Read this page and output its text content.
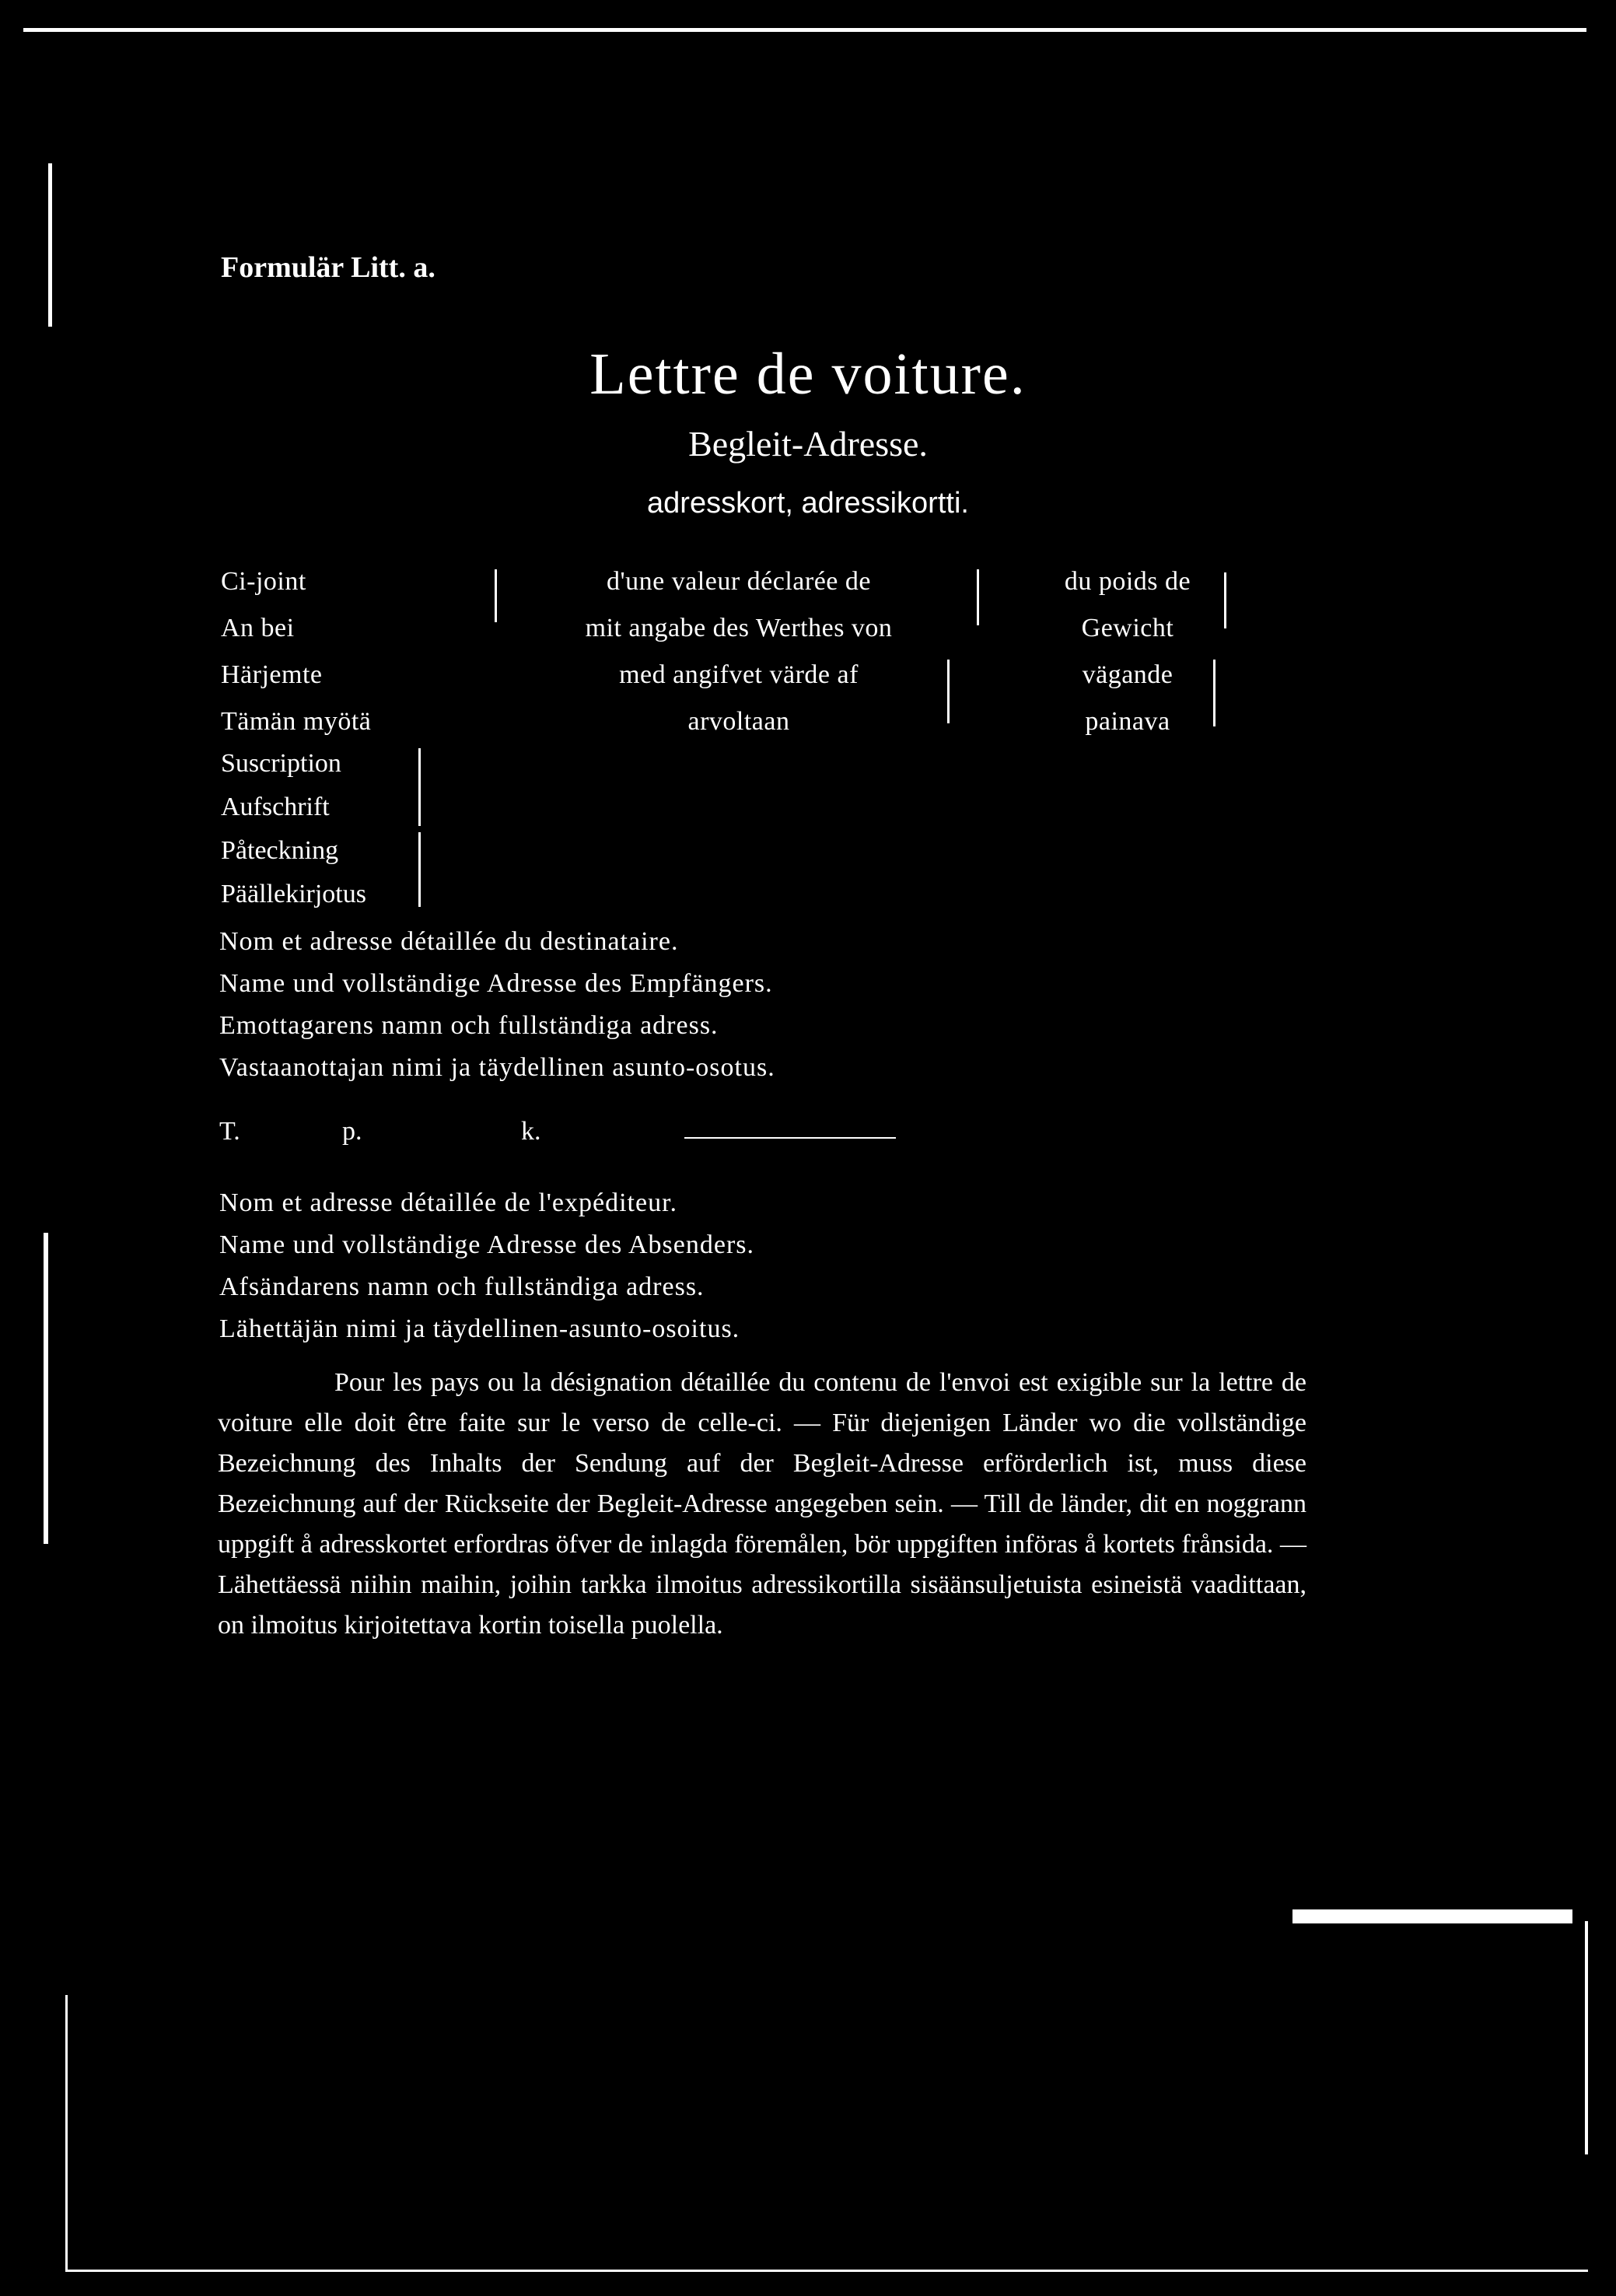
Formulär Litt. a.
Lettre de voiture.
Begleit-Adresse.
adresskort, adressikortti.
Ci-joint
An bei
Härjemte
Tämän myötä
d'une valeur déclarée de
mit angabe des Werthes von
med angifvet värde af
arvoltaan
du poids de
Gewicht
vägande
painava
Suscription
Aufschrift
Påteckning
Päällekirjotus
Nom et adresse détaillée du destinataire.
Name und vollständige Adresse des Empfängers.
Emottagarens namn och fullständiga adress.
Vastaanottajan nimi ja täydellinen asunto-osotus.
T.	p.	k.
Nom et adresse détaillée de l'expéditeur.
Name und vollständige Adresse des Absenders.
Afsändarens namn och fullständiga adress.
Lähettäjän nimi ja täydellinen-asunto-osoitus.

Pour les pays ou la désignation détaillée du contenu de l'envoi est exigible sur la lettre de voiture elle doit être faite sur le verso de celle-ci. — Für diejenigen Länder wo die vollständige Bezeichnung des Inhalts der Sendung auf der Begleit-Adresse erförderlich ist, muss diese Bezeichnung auf der Rückseite der Begleit-Adresse angegeben sein. — Till de länder, dit en noggrann uppgift å adresskortet erfordras öfver de inlagda föremålen, bör uppgiften införas å kortets frånsida. — Lähettäessä niihin maihin, joihin tarkka ilmoitus adressikortilla sisäänsuljetuista esineistä vaadittaan, on ilmoitus kirjoitettava kortin toisella puolella.
